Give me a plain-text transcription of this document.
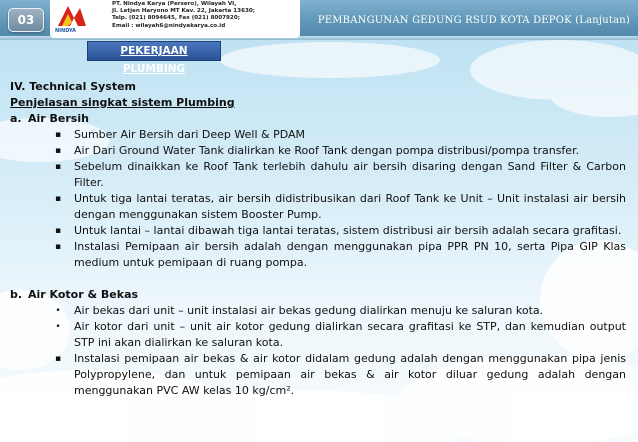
03
NINDYA
PT. Nindya Karya (Persero), Wilayah VI,
Jl. Letjen Haryono MT Kav. 22, Jakarta 13630;
Telp. (021) 8094645, Fax (021) 8007920;
Email : wilayah6@nindyakarya.co.id	PEMBANGUNAN GEDUNG RSUD KOTA DEPOK (Lanjutan)
PEKERJAAN PLUMBING
IV. Technical System
Penjelasan singkat sistem Plumbing
a. Air Bersih
▪ Sumber Air Bersih dari Deep Well & PDAM
▪ Air Dari Ground Water Tank dialirkan ke Roof Tank dengan pompa distribusi/pompa transfer.
▪ Sebelum dinaikkan ke Roof Tank terlebih dahulu air bersih disaring dengan Sand Filter & Carbon Filter.
▪ Untuk tiga lantai teratas, air bersih didistribusikan dari Roof Tank ke Unit – Unit instalasi air bersih dengan menggunakan sistem Booster Pump.
▪ Untuk lantai – lantai dibawah tiga lantai teratas, sistem distribusi air bersih adalah secara grafitasi.
▪ Instalasi Pemipaan air bersih adalah dengan menggunakan pipa PPR PN 10, serta Pipa GIP Klas medium untuk pemipaan di ruang pompa.
b. Air Kotor & Bekas
• Air bekas dari unit – unit instalasi air bekas gedung dialirkan menuju ke saluran kota.
• Air kotor dari unit – unit air kotor gedung dialirkan secara grafitasi ke STP, dan kemudian output STP ini akan dialirkan ke saluran kota.
▪ Instalasi pemipaan air bekas & air kotor didalam gedung adalah dengan menggunakan pipa jenis Polypropylene, dan untuk pemipaan air bekas & air kotor diluar gedung adalah dengan menggunakan PVC AW kelas 10 kg/cm².
